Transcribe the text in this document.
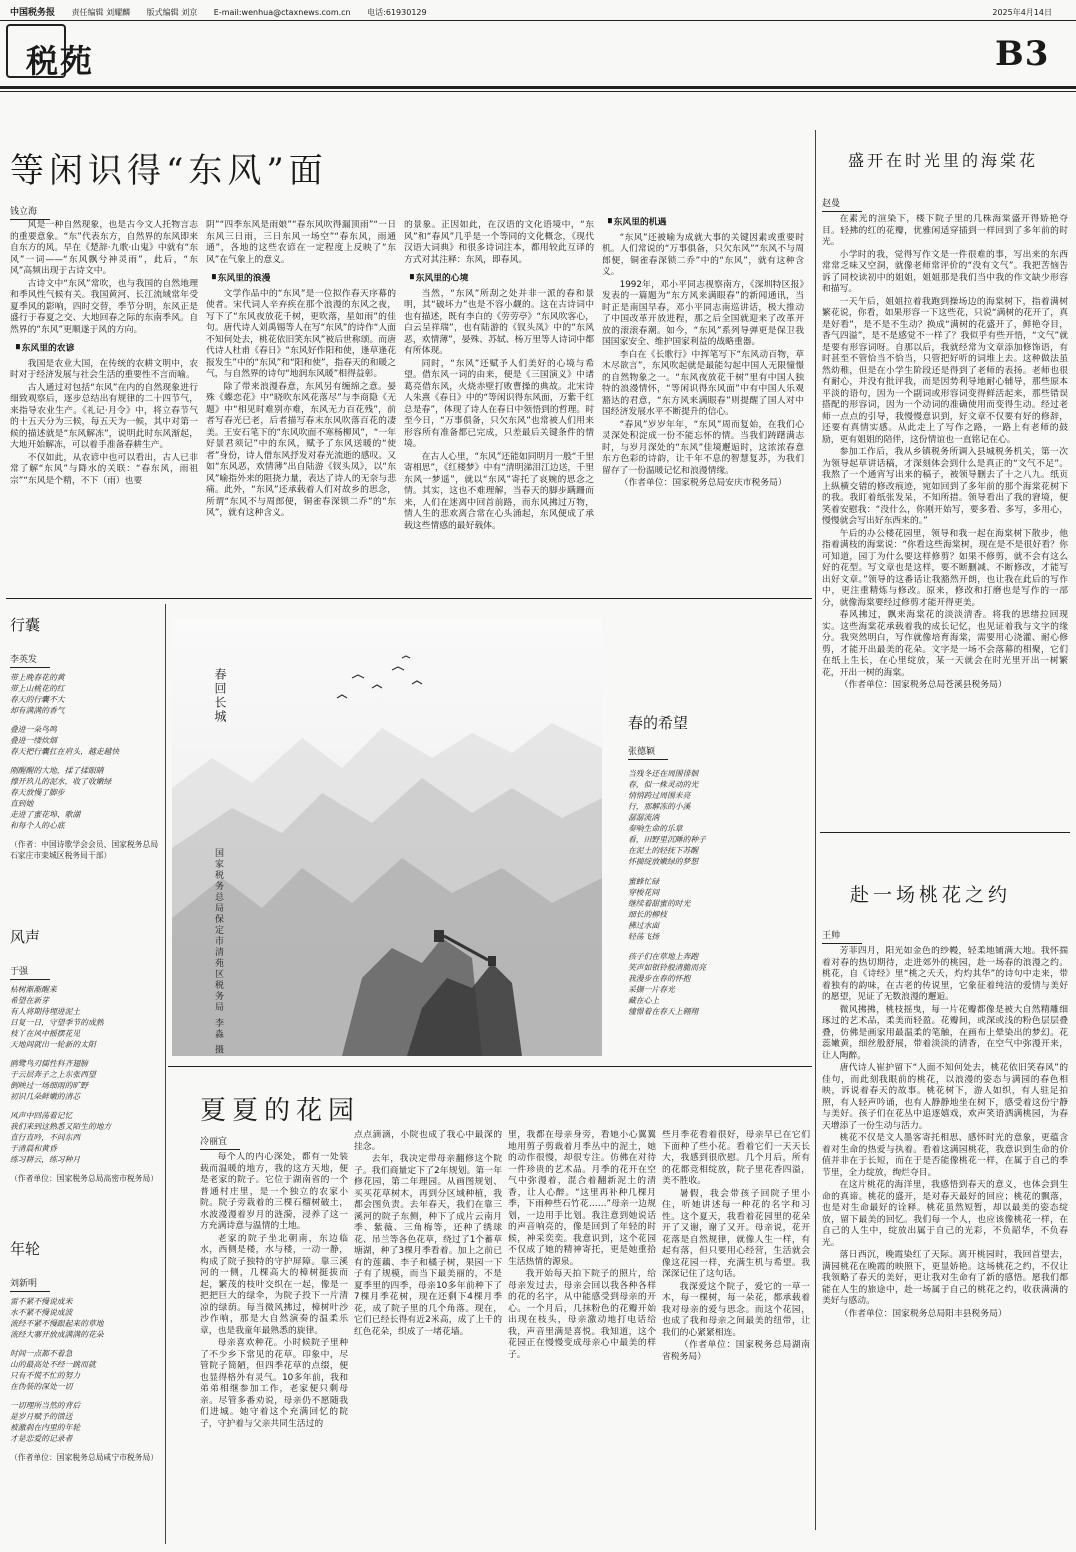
中国税务报 责任编辑 刘耀麟 版式编辑 刘京 E-mail:wenhua@ctaxnews.com.cn 电话:61930129	2025年4月14日
税苑	B3
等闲识得“东风”面
钱立海

风是一种自然现象，也是古今文人托物言志的重要意象。“东”代表东方，自然界的东风即来自东方的风。早在《楚辞·九歌·山鬼》中就有“东风”一词——“东风飘兮神灵雨”，此后，“东风”高频出现于古诗文中。

古诗文中“东风”常吹，也与我国的自然地理和季风性气候有关。我国黄河、长江流域常年受夏季风的影响，四时交替，季节分明，东风正是盛行于春夏之交、大地回春之际的东南季风。自然界的“东风”更顺遂于风的方向。

▇ 东风里的农谚

我国是农业大国，在传统的农耕文明中，农时对于经济发展与社会生活的重要性不言而喻。

古人通过对包括“东风”在内的自然现象进行细致观察后，逐步总结出有规律的二十四节气，来指导农业生产。《礼记·月令》中，将立春节气的十五天分为三候，每五天为一候，其中对第一候的描述就是“东风解冻”，说明此时东风渐起，大地开始解冻，可以着手准备春耕生产。

不仅如此，从农谚中也可以看出，古人已非常了解“东风”与降水的关联：“春东风，雨祖宗”“东风是个精，不下（雨）也要

阴”“四季东风是雨娘”“春东风吹得漏顶雨”“一日东风三日雨，三日东风一场空”“春东风，雨通通”，各地的这些农谚在一定程度上反映了“东风”在气象上的意义。

▇ 东风里的浪漫

文学作品中的“东风”是一位拟作春天序幕的使者。宋代词人辛弃疾在那个浪漫的东风之夜，写下了“东风夜放花千树，更吹落，星如雨”的佳句。唐代诗人刘禹锡等人在写“东风”的诗作“人面不知何处去，桃花依旧笑东风”被后世称颂。而唐代诗人杜甫《春日》“东风好作阳和使，逢草逢花报发生”中的“东风”和“阳和使”，指春天的和暖之气，与自然界的诗句“地润东风暖”相得益彰。

除了带来浪漫春意，东风另有缠绵之意。晏殊《蝶恋花》中“晓吹东风花落尽”与李商隐《无题》中“相见时难别亦难，东风无力百花残”，前者写春光已老，后者描写春末东风吹落百花的凄美。王安石笔下的“东风吹面不寒杨柳风”，“一年好景君须记”中的东风，赋予了东风送暖的“使者”身份，诗人借东风抒发对春光流逝的感叹。又如“东风恶，欢情薄”出自陆游《钗头凤》，以“东风”喻指外来的阻挠力量，表达了诗人的无奈与悲痛。此外，“东风”还承载着人们对故乡的思念，所谓“东风不与周郎便，铜雀春深锁二乔”的“东风”，就有这种含义。

的景象。正因如此，在汉语的文化语境中，“东风”和“春风”几乎是一个等同的文化概念，《现代汉语大词典》和很多诗词注本，都用较此互译的方式对其注释：东风，即春风。

▇ 东风里的心境

当然，“东风”所刮之处并非一派的春和景明，其“破坏力”也是不容小觑的。这在古诗词中也有描述，既有李白的《劳劳亭》“东风吹客心，白云呈祥瑞”，也有陆游的《钗头凤》中的“东风恶，欢情薄”，晏殊、苏轼、杨万里等人诗词中都有所体现。

同时，“东风”还赋予人们美好的心境与希望。借东风一词的由来，便是《三国演义》中诸葛亮借东风，火烧赤壁打败曹操的典故。北宋诗人朱熹《春日》中的“等闲识得东风面，万紫千红总是春”，体现了诗人在春日中领悟到的哲理。时至今日，“万事俱备，只欠东风”也常被人们用来形容所有准备都已完成，只差最后关键条件的情境。

在古人心里，“东风”还能如同明月一般“千里寄相思”，《红楼梦》中有“清明涕泪江边送，千里东风一梦遥”，就以“东风”寄托了哀婉的思念之情。其实，这也不难理解，当春天的脚步蹒跚而来，人们在迷离中回首前路，而东风拂过万物，情人生的悲欢离合常在心头涌起，东风便成了承载这些情感的最好载体。

▇ 东风里的机遇

“东风”还被喻为成就大事的关键因素或重要时机。人们常说的“万事俱备，只欠东风”“东风不与周郎便，铜雀春深锁二乔”中的“东风”，就有这种含义。

1992年，邓小平同志视察南方，《深圳特区报》发表的一篇题为“东方风来满眼春”的新闻通讯，当时正是南国早春，邓小平同志南巡讲话，极大推动了中国改革开放进程，那之后全国就迎来了改革开放的滚滚春潮。如今，“东风”系列导弹更是保卫我国国家安全、维护国家利益的战略重器。

李白在《长歌行》中挥笔写下“东风动百物，草木尽欲言”，东风吹起就是最能勾起中国人无限憧憬的自然物象之一。“东风夜放花千树”里有中国人独特的浪漫情怀，“等闲识得东风面”中有中国人乐观豁达的君意，“东方风来满眼春”则提醒了国人对中国经济发展水平不断提升的信心。

“春风”岁岁年年，“东风”周而复始，在我们心灵深处积淀成一份不能忘怀的情。当我们踌躇满志时，与岁月深处的“东风”佳境邂逅时，这浓浓春意东方色彩的诗韵，让千年不息的智慧复苏，为我们留存了一份温暖记忆和浪漫情缘。

（作者单位：国家税务总局安庆市税务局）

盛开在时光里的海棠花
赵曼

在素光的渲染下，楼下院子里的几株海棠盛开得娇艳夺目。轻拂的红的花瓣，优雅闲适穿插到一样回到了多年前的时光。

小学时的我，觉得写作文是一件很难的事，写出来的东西常常乏味又空洞，就像老师常评价的“没有文气”。我把苦恼告诉了同校读初中的姐姐，姐姐那是我们当中我的作文缺少形容和描写。

一天午后，姐姐拉着我跑到操场边的海棠树下，指着满树繁花说，你看，如果形容一下这些花，只说“满树的花开了，真是好看”，是不是不生动？换成“满树的花盛开了，鲜艳夺目，香气四溢”，是不是感觉不一样了？我似乎有些开悟，“文气”就是要有形容词呀。自那以后，我就经常为文章添加修饰语，有时甚至不管恰当不恰当，只管把好听的词堆上去。这种做法虽然幼稚，但是在小学生阶段还是得到了老师的表扬。老师也很有耐心，并没有批评我，而是因势利导地耐心辅导，那些原本平淡的语句，因为一个副词或形容词变得鲜活起来，那些错误搭配的形容词，因为一个动词的准确使用而变得生动。经过老师一点点的引导，我慢慢意识到，好文章不仅要有好的修辞，还要有真情实感。从此走上了写作之路，一路上有老师的鼓励，更有姐姐的陪伴，这份情谊也一直铭记在心。

参加工作后，我从乡镇税务所调入县城税务机关，第一次为领导起草讲话稿，才深刻体会到什么是真正的“文气不足”。我熬了一个通宵写出来的稿子，被领导删去了十之八九。纸页上纵横交错的修改痕迹，宛如回到了多年前的那个海棠花树下的我。我盯着纸张发呆，不知所措。领导看出了我的窘境，便笑着安慰我：“没什么，你刚开始写，要多看、多写，多用心，慢慢就会写出好东西来的。”

午后的办公楼花园里，领导和我一起在海棠树下散步，他指着满枝的海棠说：“你看这些海棠树，现在是不是很好看？你可知道，园丁为什么要这样修剪？如果不修剪，就不会有这么好的花型。写文章也是这样，要不断删减、不断修改，才能写出好文章。”领导的这番话让我豁然开朗，也让我在此后的写作中，更注重精炼与修改。原来，修改和打磨也是写作的一部分，就像海棠要经过修剪才能开得更美。

春风拂过，飘来海棠花的淡淡清香。将我的思绪拉回现实。这些海棠花承载着我的成长记忆，也见证着我与文字的缘分。我突然明白，写作就像培育海棠，需要用心浇灌、耐心修剪，才能开出最美的花朵。文字是一场不会落幕的相聚，它们在纸上生长，在心里绽放，某一天就会在时光里开出一树繁花，开出一树的海棠。

（作者单位：国家税务总局苍溪县税务局）

赴一场桃花之约
王帅

芳菲四月，阳光如金色的纱幔，轻柔地铺满大地。我怀揣着对春的热切期待，走进郊外的桃园，赴一场春的浪漫之约。桃花，自《诗经》里“桃之夭夭，灼灼其华”的诗句中走来，带着独有的韵味，在古老的传说里，它象征着纯洁的爱情与美好的愿望，见证了无数浪漫的邂逅。

微风拂拂，桃枝摇曳，每一片花瓣都像是被大自然精雕细琢过的艺术品，柔美而轻盈。花瓣间，或深或浅的粉色层层叠叠，仿佛是画家用最温柔的笔触，在画布上晕染出的梦幻。花蕊嫩黄，细丝般舒展，带着淡淡的清香，在空气中弥漫开来，让人陶醉。

唐代诗人崔护留下“人面不知何处去，桃花依旧笑春风”的佳句，而此刻我眼前的桃花，以浪漫的姿态与满园的春色相映，诉说着春天的故事。桃花树下，游人如织，有人驻足拍照，有人轻声吟诵，也有人静静地坐在树下，感受着这份宁静与美好。孩子们在花丛中追逐嬉戏，欢声笑语洒满桃园，为春天增添了一份生动与活力。

桃花不仅是文人墨客寄托相思、感怀时光的意象，更蕴含着对生命的热爱与执着。看着这满园桃花，我意识到生命的价值并非在于长短，而在于是否能像桃花一样，在属于自己的季节里，全力绽放，绚烂夺目。

在这片桃花的海洋里，我感悟到春天的意义，也体会到生命的真谛。桃花的盛开，是对春天最好的回应；桃花的飘落，也是对生命最好的诠释。桃花虽然短暂，却以最美的姿态绽放，留下最美的回忆。我们每一个人，也应该像桃花一样，在自己的人生中，绽放出属于自己的光彩，不负韶华，不负春光。

落日西沉，晚霞染红了天际。离开桃园时，我回首望去，满园桃花在晚霞的映照下，更显娇艳。这场桃花之约，不仅让我领略了春天的美好，更让我对生命有了新的感悟。愿我们都能在人生的旅途中，赴一场属于自己的桃花之约，收获满满的美好与感动。

（作者单位：国家税务总局阳丰县税务局）

行囊
李英发
带上晚春花的黄
带上山桃花的红
春天的行囊不大
却有满满的香气
叠进一朵鸟鸣
叠进一缕炊烟
春天把行囊扛在肩头，越走越快
刚醒醒的大地，揉了揉眼睛
撑开玖儿的泥水，收了收嫩绿
春天放慢了脚步
直到她
走进了蜜花埠、歌湖
和每个人的心底
（作者：中国诗歌学会会员、国家税务总局石家庄市栾城区税务局干部）
风声
于强
枯树渐渐醒来
希望在新芽
有人将期待埋进泥土
日复一日，守望季节的成熟
枝丫在风中摇摆花见
天地间就出一轮新的太阳
鸥鹭鸟刃儒性科齐翅膀
于云层奔子之上东张西望
倒映过一场细雨的旷野
初识几朵鲜嫩的清芯
风声中回荡着记忆
我们来到这熟悉又陌生的地方
直行直吟，不问东西
于清晨和黄昏
练习耕云，练习种月
（作者单位：国家税务总局高密市税务局）
年轮
刘新明
雷不紧不慢说成米
水不紧不慢说成波
流经不紧不慢跟起来的草地
流经大寨开放成满满的花朵
时间一点都不着急
山的最高处不经一跳而就
只有不慌不忙的努力
在伪装的深处一切
一切理所当然的背后
是岁月赋予的馈送
被激刹在内里的年轮
才是恋爱的记录者
（作者单位：国家税务总局咸宁市税务局）
春回长城
国家税务总局保定市清苑区税务局 李淼 摄
春的希望
张德颖
当残冬还在周围徘徊
春，似一株灵动的光
悄悄跨过周围未亮
行，那解冻的小溪
潺潺流淌
奏响生命的乐章
看，田野里沉睡的种子
在泥土的轻抚下苏醒
怀揣绽放嫩绿的梦想
蜜蜂忙碌
穿梭花间
继续着甜蜜的时光
细长的柳枝
拂过水面
轻荡飞扬
孩子们在草地上奔跑
笑声如银铃般清脆而亮
我漫步在春的怀抱
采撷一片春光
藏在心上
憧憬着在春天上翱翔
夏夏的花园
冷丽宜

每个人的内心深处，都有一处装载而温暖的地方，我的这方天地，便是老家的院子。它位于湖南省的一个普通村庄里，是一个独立的农家小院。院子旁栽着的三棵石榴树破土，水波漫漫着岁月的涟漪，浸养了这一方充满诗意与温情的土地。

老家的院子坐北朝南，东边临水，西侧是楼，水与楼，一动一静，构成了院子独特的守护屏障。靠三溪河的一侧，几棵高大的樟树挺拔而起，繁茂的枝叶交织在一起，像是一把把巨大的绿伞，为院子投下一片清凉的绿荫。每当微风拂过，樟树叶沙沙作响，那是大自然演奏的温柔乐章，也是我童年最熟悉的旋律。

母亲喜欢种花。小时候院子里种了不少乡下常见的花草。印象中，尽管院子简陋，但四季花草的点缀，便也显得格外有灵气。10多年前，我和弟弟相继参加工作，老家便只剩母亲。尽管多番劝说，母亲仍不愿随我们进城。她守着这个充满回忆的院子，守护着与父亲共同生活过的

点点滴滴，小院也成了我心中最深的挂念。

去年，我决定带母亲翻修这个院子。我们商量定下了2年规划。第一年修花园，第二年理园。从画图规划、买买花草树木，再到分区域种植，我都会图负责。去年春天，我们在靠三溪河的院子东侧，种下了成片云南月季、紫薇、三角梅等，还种了绣球花、吊兰等各色花草，绕过了1个蓄草塘湖，种了3棵月季看着。加上之前已有的莲藕、李子和橘子树，果园一下子有了规模，而当下最美丽的，不是夏季里的四季，母亲10多年前种下了7棵月季花树，现在还剩下4棵月季花，成了院子里的几个角落。现在，它们已经长得有近2米高，成了上千的红色花朵，织成了一堵花墙。

里，我都在母亲身旁，看她小心翼翼地用剪子剪裁着月季丛中的泥土，她的动作很慢，却很专注。仿佛在对待一件珍贵的艺术品。月季的花开在空气中弥漫着，混合着翻新泥土的清香，让人心醉。“这里再补种几棵月季，下雨种些石竹花……”母亲一边规划，一边用手比划。我注意到她说话的声音响亮的，像是回到了年轻的时候，神采奕奕。我意识到，这个花园不仅成了她的精神寄托，更是她重拾生活热情的源泉。

我开始每天拍下院子的照片，给母亲发过去，母亲会回以我各种各样的花的名字，从中能感受到母亲的开心。一个月后，几抹粉色的花瓣开始出现在枝头，母亲激动地打电话给我，声音里满是喜悦。我知道，这个花园正在慢慢变成母亲心中最美的样子。

些月季花看着很好，母亲早已在它们下面种了些小花。看着它们一天天长大，我感到很欣慰。几个月后，所有的花都竞相绽放，院子里花香四溢，美不胜收。

暑假，我会带孩子回院子里小住，听她讲述每一种花的名字和习性。这个夏天，我看着花园里的花朵开了又谢，谢了又开。母亲说，花开花落是自然规律，就像人生一样，有起有落，但只要用心经营，生活就会像这花园一样，充满生机与希望。我深深记住了这句话。

我深爱这个院子，爱它的一草一木，每一棵树，每一朵花，都承载着我对母亲的爱与思念。而这个花园，也成了我和母亲之间最美的纽带，让我们的心紧紧相连。

（作者单位：国家税务总局湖南省税务局）
